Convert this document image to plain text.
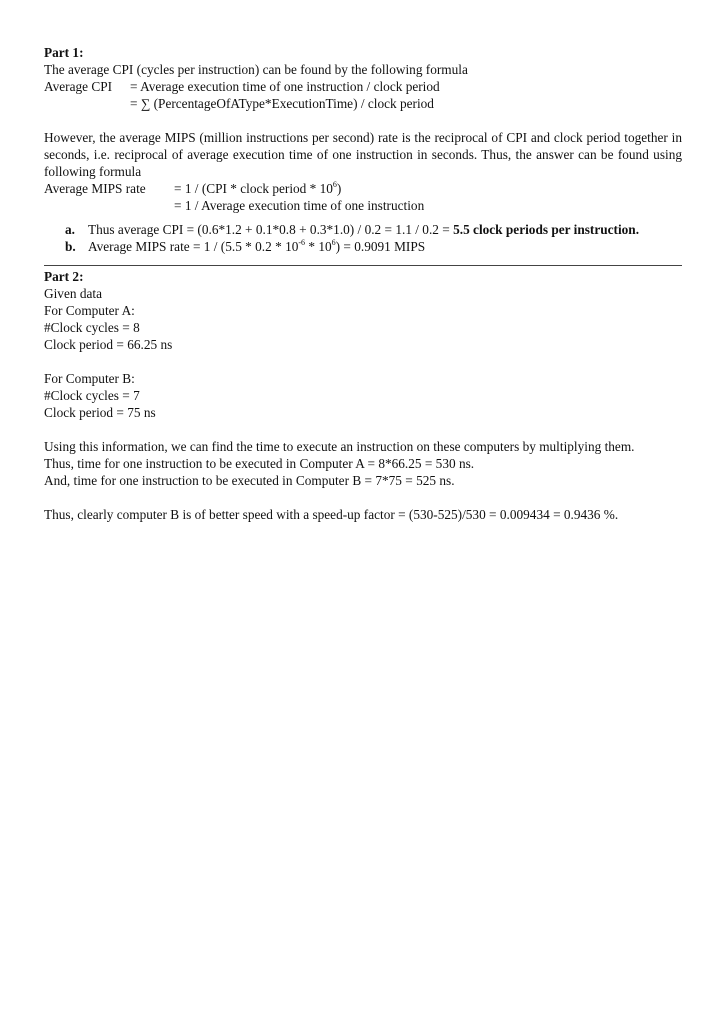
Part 1:
The average CPI (cycles per instruction) can be found by the following formula
Average CPI	= Average execution time of one instruction / clock period
= ∑ (PercentageOfAType*ExecutionTime) / clock period
However, the average MIPS (million instructions per second) rate is the reciprocal of CPI and clock period together in seconds, i.e. reciprocal of average execution time of one instruction in seconds. Thus, the answer can be found using following formula
Average MIPS rate	= 1 / (CPI * clock period * $10^6$)
= 1 / Average execution time of one instruction
a. Thus average CPI = (0.6*1.2 + 0.1*0.8 + 0.3*1.0) / 0.2 = 1.1 / 0.2 = 5.5 clock periods per instruction.
b. Average MIPS rate = $1 / (5.5 * 0.2 * 10^{-6} * 10^6) = 0.9091$ MIPS
Part 2:
Given data
For Computer A:
#Clock cycles = 8
Clock period = 66.25 ns
For Computer B:
#Clock cycles = 7
Clock period = 75 ns
Using this information, we can find the time to execute an instruction on these computers by multiplying them.
Thus, time for one instruction to be executed in Computer A = 8*66.25 = 530 ns.
And, time for one instruction to be executed in Computer B = 7*75 = 525 ns.
Thus, clearly computer B is of better speed with a speed-up factor = (530-525)/530 = 0.009434 = 0.9436 %.
